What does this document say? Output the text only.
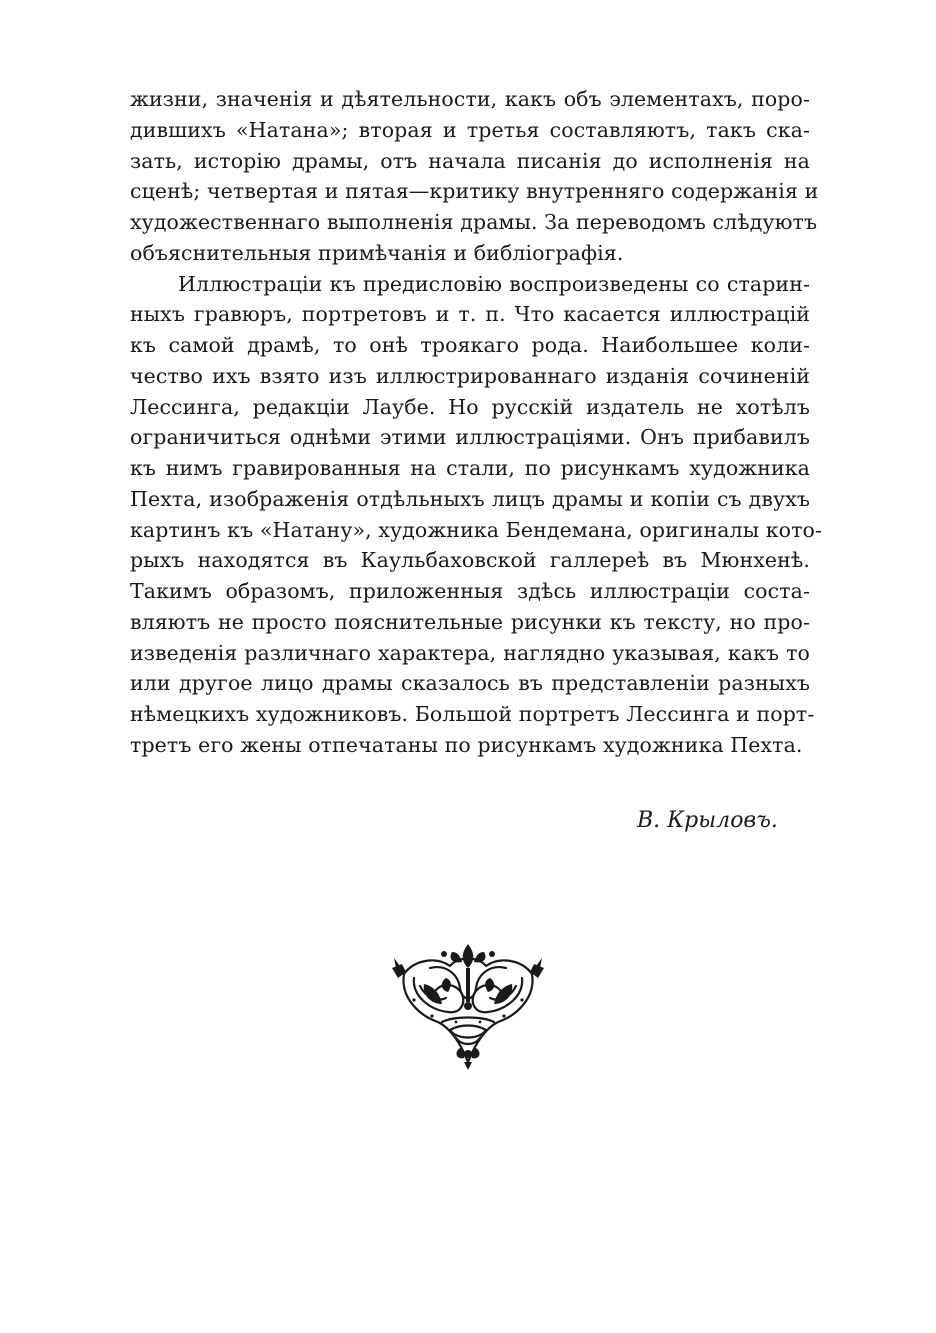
жизни, значенія и дѣятельности, какъ объ элементахъ, поро-
дившихъ «Натана»; вторая и третья составляютъ, такъ ска-
зать, исторію драмы, отъ начала писанія до исполненія на
сценѣ; четвертая и пятая—критику внутренняго содержанія и
художественнаго выполненія драмы. За переводомъ слѣдуютъ
объяснительныя примѣчанія и библіографія.
Иллюстраціи къ предисловію воспроизведены со старин-
ныхъ гравюръ, портретовъ и т. п. Что касается иллюстрацій
къ самой драмѣ, то онѣ троякаго рода. Наибольшее коли-
чество ихъ взято изъ иллюстрированнаго изданія сочиненій
Лессинга, редакціи Лаубе. Но русскій издатель не хотѣлъ
ограничиться однѣми этими иллюстраціями. Онъ прибавилъ
къ нимъ гравированныя на стали, по рисункамъ художника
Пехта, изображенія отдѣльныхъ лицъ драмы и копіи съ двухъ
картинъ къ «Натану», художника Бендемана, оригиналы кото-
рыхъ находятся въ Каульбаховской галлереѣ въ Мюнхенѣ.
Такимъ образомъ, приложенныя здѣсь иллюстраціи соста-
вляютъ не просто пояснительные рисунки къ тексту, но про-
изведенія различнаго характера, наглядно указывая, какъ то
или другое лицо драмы сказалось въ представленіи разныхъ
нѣмецкихъ художниковъ. Большой портретъ Лессинга и порт-
третъ его жены отпечатаны по рисункамъ художника Пехта.
В. Крыловъ.
